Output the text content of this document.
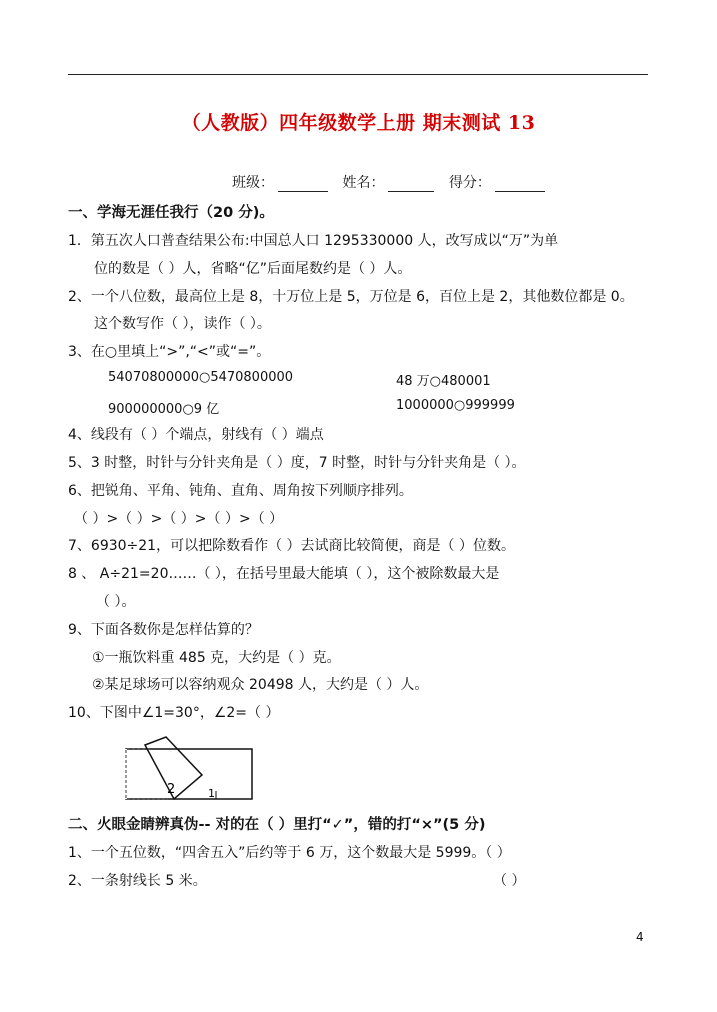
（人教版）四年级数学上册 期末测试 13
班级：	姓名：	得分：
一、学海无涯任我行（20 分)。
1．第五次人口普查结果公布:中国总人口 1295330000 人，改写成以“万”为单
位的数是（ ）人，省略“亿”后面尾数约是（ ）人。
2、一个八位数，最高位上是 8，十万位上是 5，万位是 6，百位上是 2，其他数位都是 0。
这个数写作（ ），读作（ ）。
3、在○里填上“>”,“<”或“=”。
54070800000○5470800000	48 万○480001
900000000○9 亿	1000000○999999
4、线段有（ ）个端点，射线有（ ）端点
5、3 时整，时针与分针夹角是（ ）度，7 时整，时针与分针夹角是（ ）。
6、把锐角、平角、钝角、直角、周角按下列顺序排列。
（ ）>（ ）>（ ）>（ ）>（ ）
7、6930÷21，可以把除数看作（ ）去试商比较简便，商是（ ）位数。
8 、 A÷21=20……（ ），在括号里最大能填（ ），这个被除数最大是
（ ）。
9、下面各数你是怎样估算的？
①一瓶饮料重 485 克，大约是（ ）克。
②某足球场可以容纳观众 20498 人，大约是（ ）人。
10、下图中∠1=30°，∠2=（ ）
1
2
二、火眼金睛辨真伪-- 对的在（ ）里打“✓”，错的打“×”(5 分)
1、一个五位数，“四舍五入”后约等于 6 万，这个数最大是 5999。（ ）
2、一条射线长 5 米。	（ ）
4
